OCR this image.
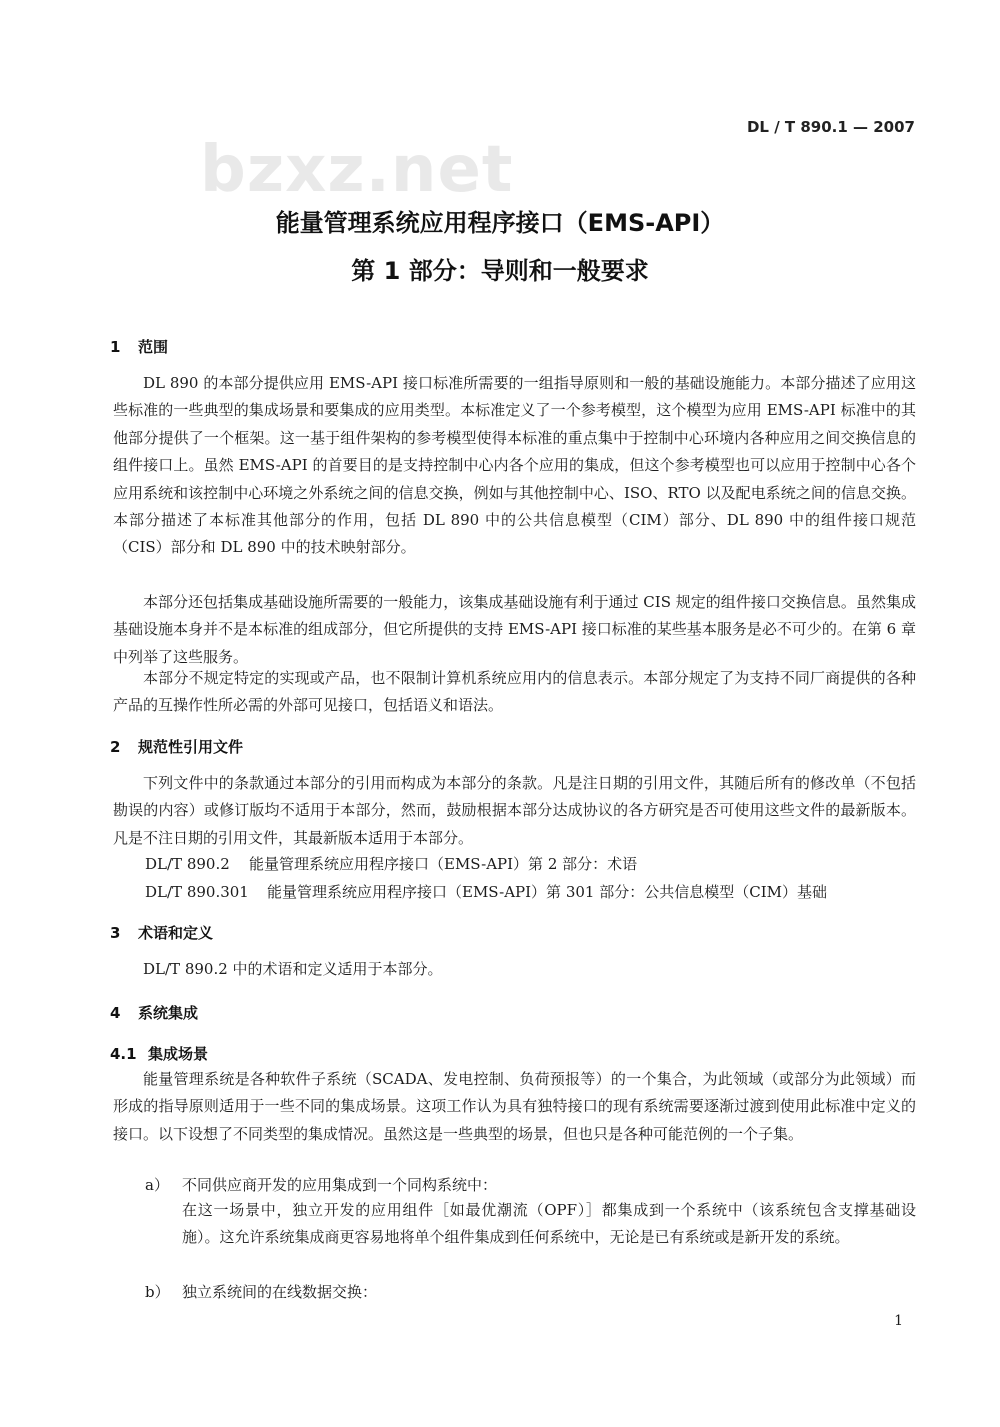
bzxz.net
DL / T 890.1 — 2007
能量管理系统应用程序接口（EMS-API）
第 1 部分：导则和一般要求
1 范围

DL 890 的本部分提供应用 EMS-API 接口标准所需要的一组指导原则和一般的基础设施能力。本部分描述了应用这些标准的一些典型的集成场景和要集成的应用类型。本标准定义了一个参考模型，这个模型为应用 EMS-API 标准中的其他部分提供了一个框架。这一基于组件架构的参考模型使得本标准的重点集中于控制中心环境内各种应用之间交换信息的组件接口上。虽然 EMS-API 的首要目的是支持控制中心内各个应用的集成，但这个参考模型也可以应用于控制中心各个应用系统和该控制中心环境之外系统之间的信息交换，例如与其他控制中心、ISO、RTO 以及配电系统之间的信息交换。本部分描述了本标准其他部分的作用，包括 DL 890 中的公共信息模型（CIM）部分、DL 890 中的组件接口规范（CIS）部分和 DL 890 中的技术映射部分。

本部分还包括集成基础设施所需要的一般能力，该集成基础设施有利于通过 CIS 规定的组件接口交换信息。虽然集成基础设施本身并不是本标准的组成部分，但它所提供的支持 EMS-API 接口标准的某些基本服务是必不可少的。在第 6 章中列举了这些服务。

本部分不规定特定的实现或产品，也不限制计算机系统应用内的信息表示。本部分规定了为支持不同厂商提供的各种产品的互操作性所必需的外部可见接口，包括语义和语法。

2 规范性引用文件

下列文件中的条款通过本部分的引用而构成为本部分的条款。凡是注日期的引用文件，其随后所有的修改单（不包括勘误的内容）或修订版均不适用于本部分，然而，鼓励根据本部分达成协议的各方研究是否可使用这些文件的最新版本。凡是不注日期的引用文件，其最新版本适用于本部分。

DL/T 890.2 能量管理系统应用程序接口（EMS-API）第 2 部分：术语
DL/T 890.301 能量管理系统应用程序接口（EMS-API）第 301 部分：公共信息模型（CIM）基础
3 术语和定义

DL/T 890.2 中的术语和定义适用于本部分。

4 系统集成
4.1 集成场景

能量管理系统是各种软件子系统（SCADA、发电控制、负荷预报等）的一个集合，为此领域（或部分为此领域）而形成的指导原则适用于一些不同的集成场景。这项工作认为具有独特接口的现有系统需要逐渐过渡到使用此标准中定义的接口。以下设想了不同类型的集成情况。虽然这是一些典型的场景，但也只是各种可能范例的一个子集。

a） 不同供应商开发的应用集成到一个同构系统中：

在这一场景中，独立开发的应用组件［如最优潮流（OPF）］都集成到一个系统中（该系统包含支撑基础设施）。这允许系统集成商更容易地将单个组件集成到任何系统中，无论是已有系统或是新开发的系统。

b） 独立系统间的在线数据交换：
1
